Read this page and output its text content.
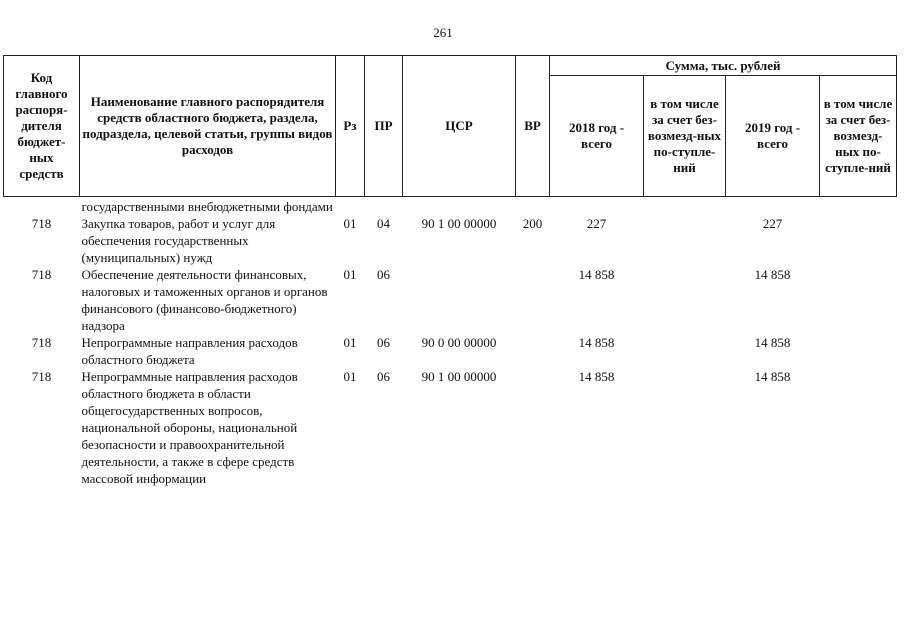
261
Код главного распоря-дителя бюджет-ных средств	Наименование главного распорядителя средств областного бюджета, раздела, подраздела, целевой статьи, группы видов расходов	Рз	ПР	ЦСР	ВР	Сумма, тыс. рублей			
						2018 год - всего	в том числе за счет без-возмезд-ных по-ступле-ний	2019 год - всего	в том числе за счет без-возмезд-ных по-ступле-ний
	государственными внебюджетными фондами								
718	Закупка товаров, работ и услуг для обеспечения государственных (муниципальных) нужд	01	04	90 1 00 00000	200	227		227	
718	Обеспечение деятельности финансовых, налоговых и таможенных органов и органов финансового (финансово-бюджетного) надзора	01	06			14 858		14 858	
718	Непрограммные направления расходов областного бюджета	01	06	90 0 00 00000		14 858		14 858	
718	Непрограммные направления расходов областного бюджета в области общегосударственных вопросов, национальной обороны, национальной безопасности и правоохранительной деятельности, а также в сфере средств массовой информации	01	06	90 1 00 00000		14 858		14 858	
